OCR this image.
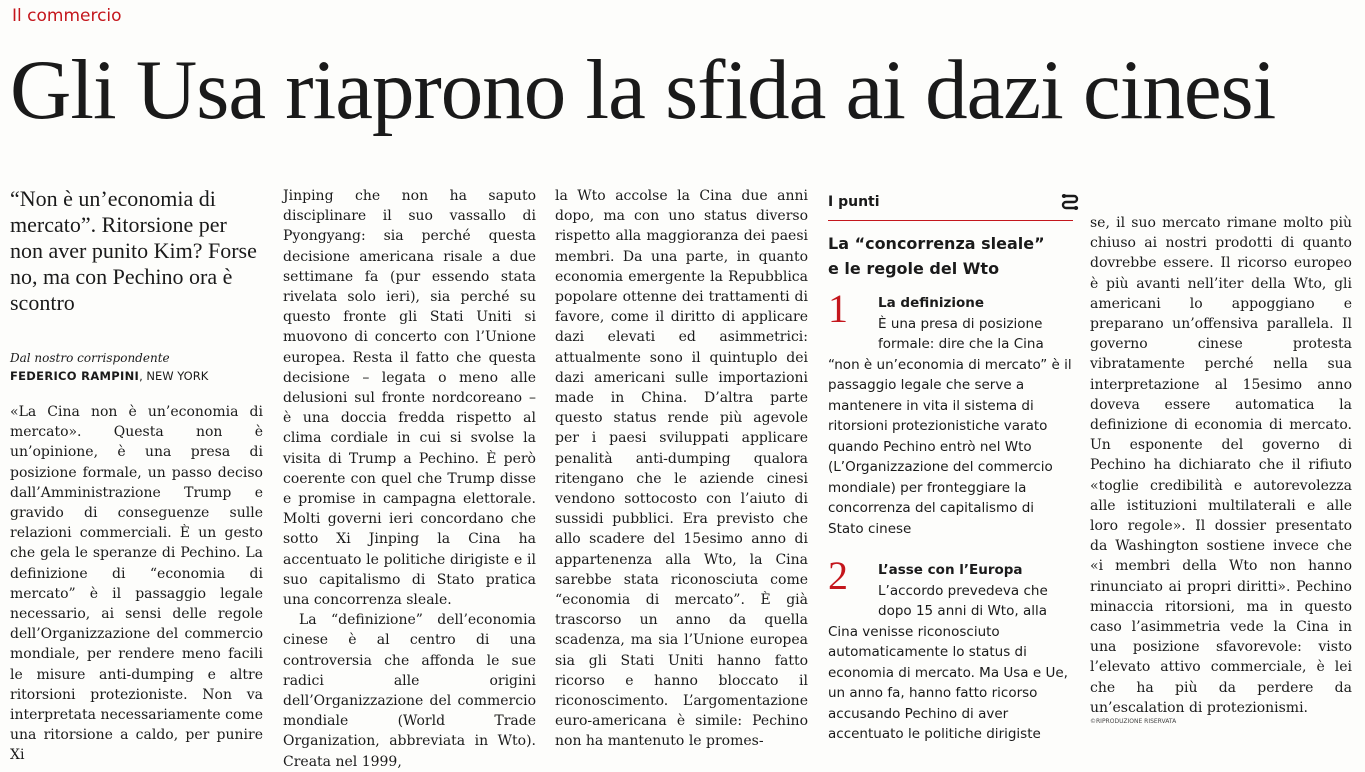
Il commercio
Gli Usa riaprono la sfida ai dazi cinesi
“Non è un’economia di mercato”. Ritorsione per non aver punito Kim? Forse no, ma con Pechino ora è scontro
Dal nostro corrispondente
FEDERICO RAMPINI, NEW YORK

«La Cina non è un’economia di mercato». Questa non è un’opinione, è una presa di posizione formale, un passo deciso dall’Amministrazione Trump e gravido di conseguenze sulle relazioni commerciali. È un gesto che gela le speranze di Pechino. La definizione di “economia di mercato” è il passaggio legale necessario, ai sensi delle regole dell’Organizzazione del commercio mondiale, per rendere meno facili le misure anti-dumping e altre ritorsioni protezioniste. Non va interpretata necessariamente come una ritorsione a caldo, per punire Xi

Jinping che non ha saputo disciplinare il suo vassallo di Pyongyang: sia perché questa decisione americana risale a due settimane fa (pur essendo stata rivelata solo ieri), sia perché su questo fronte gli Stati Uniti si muovono di concerto con l’Unione europea. Resta il fatto che questa decisione – legata o meno alle delusioni sul fronte nordcoreano – è una doccia fredda rispetto al clima cordiale in cui si svolse la visita di Trump a Pechino. È però coerente con quel che Trump disse e promise in campagna elettorale. Molti governi ieri concordano che sotto Xi Jinping la Cina ha accentuato le politiche dirigiste e il suo capitalismo di Stato pratica una concorrenza sleale.

La “definizione” dell’economia cinese è al centro di una controversia che affonda le sue radici alle origini dell’Organizzazione del commercio mondiale (World Trade Organization, abbreviata in Wto). Creata nel 1999,

la Wto accolse la Cina due anni dopo, ma con uno status diverso rispetto alla maggioranza dei paesi membri. Da una parte, in quanto economia emergente la Repubblica popolare ottenne dei trattamenti di favore, come il diritto di applicare dazi elevati ed asimmetrici: attualmente sono il quintuplo dei dazi americani sulle importazioni made in China. D’altra parte questo status rende più agevole per i paesi sviluppati applicare penalità anti-dumping qualora ritengano che le aziende cinesi vendono sottocosto con l’aiuto di sussidi pubblici. Era previsto che allo scadere del 15esimo anno di appartenenza alla Wto, la Cina sarebbe stata riconosciuta come “economia di mercato”. È già trascorso un anno da quella scadenza, ma sia l’Unione europea sia gli Stati Uniti hanno fatto ricorso e hanno bloccato il riconoscimento. L’argomentazione euro-americana è simile: Pechino non ha mantenuto le promes-

I punti
La “concorrenza sleale”
e le regole del Wto
1 La definizione
È una presa di posizione formale: dire che la Cina
“non è un’economia di mercato” è il passaggio legale che serve a mantenere in vita il sistema di ritorsioni protezionistiche varato quando Pechino entrò nel Wto (L’Organizzazione del commercio mondiale) per fronteggiare la concorrenza del capitalismo di Stato cinese
2 L’asse con l’Europa
L’accordo prevedeva che dopo 15 anni di Wto, alla
Cina venisse riconosciuto automaticamente lo status di economia di mercato. Ma Usa e Ue, un anno fa, hanno fatto ricorso accusando Pechino di aver accentuato le politiche dirigiste

se, il suo mercato rimane molto più chiuso ai nostri prodotti di quanto dovrebbe essere. Il ricorso europeo è più avanti nell’iter della Wto, gli americani lo appoggiano e preparano un’offensiva parallela. Il governo cinese protesta vibratamente perché nella sua interpretazione al 15esimo anno doveva essere automatica la definizione di economia di mercato. Un esponente del governo di Pechino ha dichiarato che il rifiuto «toglie credibilità e autorevolezza alle istituzioni multilaterali e alle loro regole». Il dossier presentato da Washington sostiene invece che «i membri della Wto non hanno rinunciato ai propri diritti». Pechino minaccia ritorsioni, ma in questo caso l’asimmetria vede la Cina in una posizione sfavorevole: visto l’elevato attivo commerciale, è lei che ha più da perdere da un’escalation di protezionismi.

©RIPRODUZIONE RISERVATA
